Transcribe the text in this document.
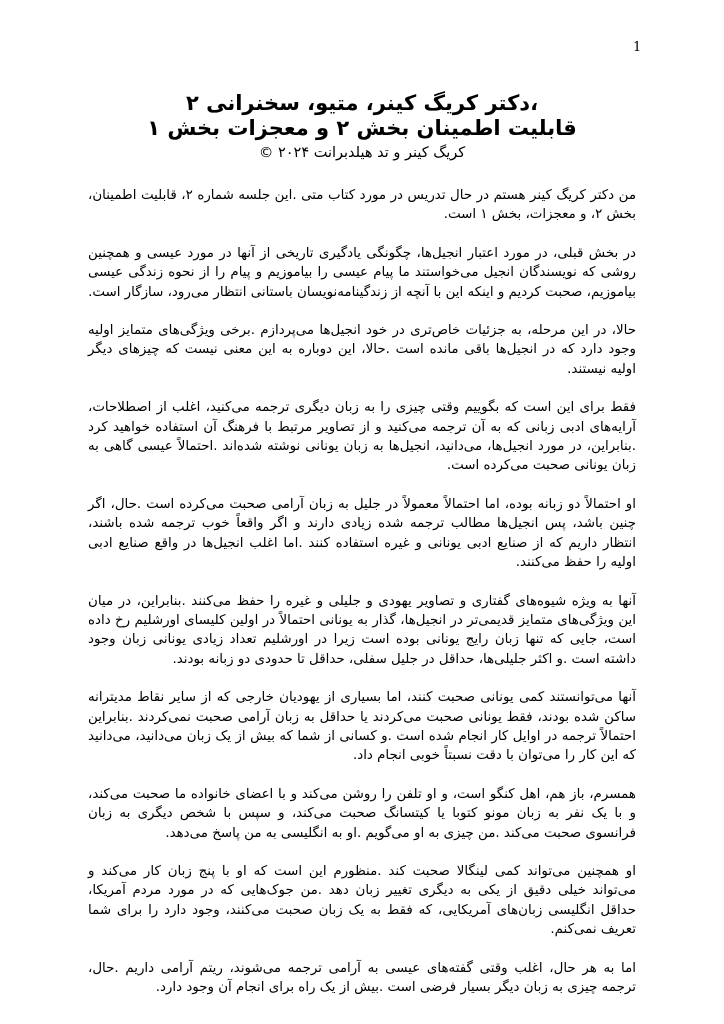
1
،دکتر کریگ کینر، متیو، سخنرانی ۲
قابلیت اطمینان بخش ۲ و معجزات بخش ۱
کریگ کینر و تد هیلدبرانت ۲۰۲۴ ©

من دکتر کریگ کینر هستم در حال تدریس در مورد کتاب متی .این جلسه شماره ۲، قابلیت اطمینان، بخش ۲، و معجزات، بخش ۱ است.

در بخش قبلی، در مورد اعتبار انجیل‌ها، چگونگی یادگیری تاریخی از آنها در مورد عیسی و همچنین روشی که نویسندگان انجیل می‌خواستند ما پیام عیسی را بیاموزیم و پیام را از نحوه زندگی عیسی بیاموزیم، صحبت کردیم و اینکه این با آنچه از زندگینامه‌نویسان باستانی انتظار می‌رود، سازگار است.

حالا، در این مرحله، به جزئیات خاص‌تری در خود انجیل‌ها می‌پردازم .برخی ویژگی‌های متمایز اولیه وجود دارد که در انجیل‌ها باقی مانده است .حالا، این دوباره به این معنی نیست که چیزهای دیگر اولیه نیستند.

فقط برای این است که بگوییم وقتی چیزی را به زبان دیگری ترجمه می‌کنید، اغلب از اصطلاحات، آرایه‌های ادبی زبانی که به آن ترجمه می‌کنید و از تصاویر مرتبط با فرهنگ آن استفاده خواهید کرد .بنابراین، در مورد انجیل‌ها، می‌دانید، انجیل‌ها به زبان یونانی نوشته شده‌اند .احتمالاً عیسی گاهی به زبان یونانی صحبت می‌کرده است.

او احتمالاً دو زبانه بوده، اما احتمالاً معمولاً در جلیل به زبان آرامی صحبت می‌کرده است .حال، اگر چنین باشد، پس انجیل‌ها مطالب ترجمه شده زیادی دارند و اگر واقعاً خوب ترجمه شده باشند، انتظار داریم که از صنایع ادبی یونانی و غیره استفاده کنند .اما اغلب انجیل‌ها در واقع صنایع ادبی اولیه را حفظ می‌کنند.

آنها به ویژه شیوه‌های گفتاری و تصاویر یهودی و جلیلی و غیره را حفظ می‌کنند .بنابراین، در میان این ویژگی‌های متمایز قدیمی‌تر در انجیل‌ها، گذار به یونانی احتمالاً در اولین کلیسای اورشلیم رخ داده است، جایی که تنها زبان رایج یونانی بوده است زیرا در اورشلیم تعداد زیادی یونانی زبان وجود داشته است .و اکثر جلیلی‌ها، حداقل در جلیل سفلی، حداقل تا حدودی دو زبانه بودند.

آنها می‌توانستند کمی یونانی صحبت کنند، اما بسیاری از یهودیان خارجی که از سایر نقاط مدیترانه ساکن شده بودند، فقط یونانی صحبت می‌کردند یا حداقل به زبان آرامی صحبت نمی‌کردند .بنابراین احتمالاً ترجمه در اوایل کار انجام شده است .و کسانی از شما که بیش از یک زبان می‌دانید، می‌دانید که این کار را می‌توان با دقت نسبتاً خوبی انجام داد.

همسرم، باز هم، اهل کنگو است، و او تلفن را روشن می‌کند و با اعضای خانواده ما صحبت می‌کند، و با یک نفر به زبان مونو کتوبا یا کیتسانگ صحبت می‌کند، و سپس با شخص دیگری به زبان فرانسوی صحبت می‌کند .من چیزی به او می‌گویم .او به انگلیسی به من پاسخ می‌دهد.

او همچنین می‌تواند کمی لینگالا صحبت کند .منظورم این است که او با پنج زبان کار می‌کند و می‌تواند خیلی دقیق از یکی به دیگری تغییر زبان دهد .من جوک‌هایی که در مورد مردم آمریکا، حداقل انگلیسی زبان‌های آمریکایی، که فقط به یک زبان صحبت می‌کنند، وجود دارد را برای شما تعریف نمی‌کنم.

اما به هر حال، اغلب وقتی گفته‌های عیسی به آرامی ترجمه می‌شوند، ریتم آرامی داریم .حال، ترجمه چیزی به زبان دیگر بسیار فرضی است .بیش از یک راه برای انجام آن وجود دارد.
